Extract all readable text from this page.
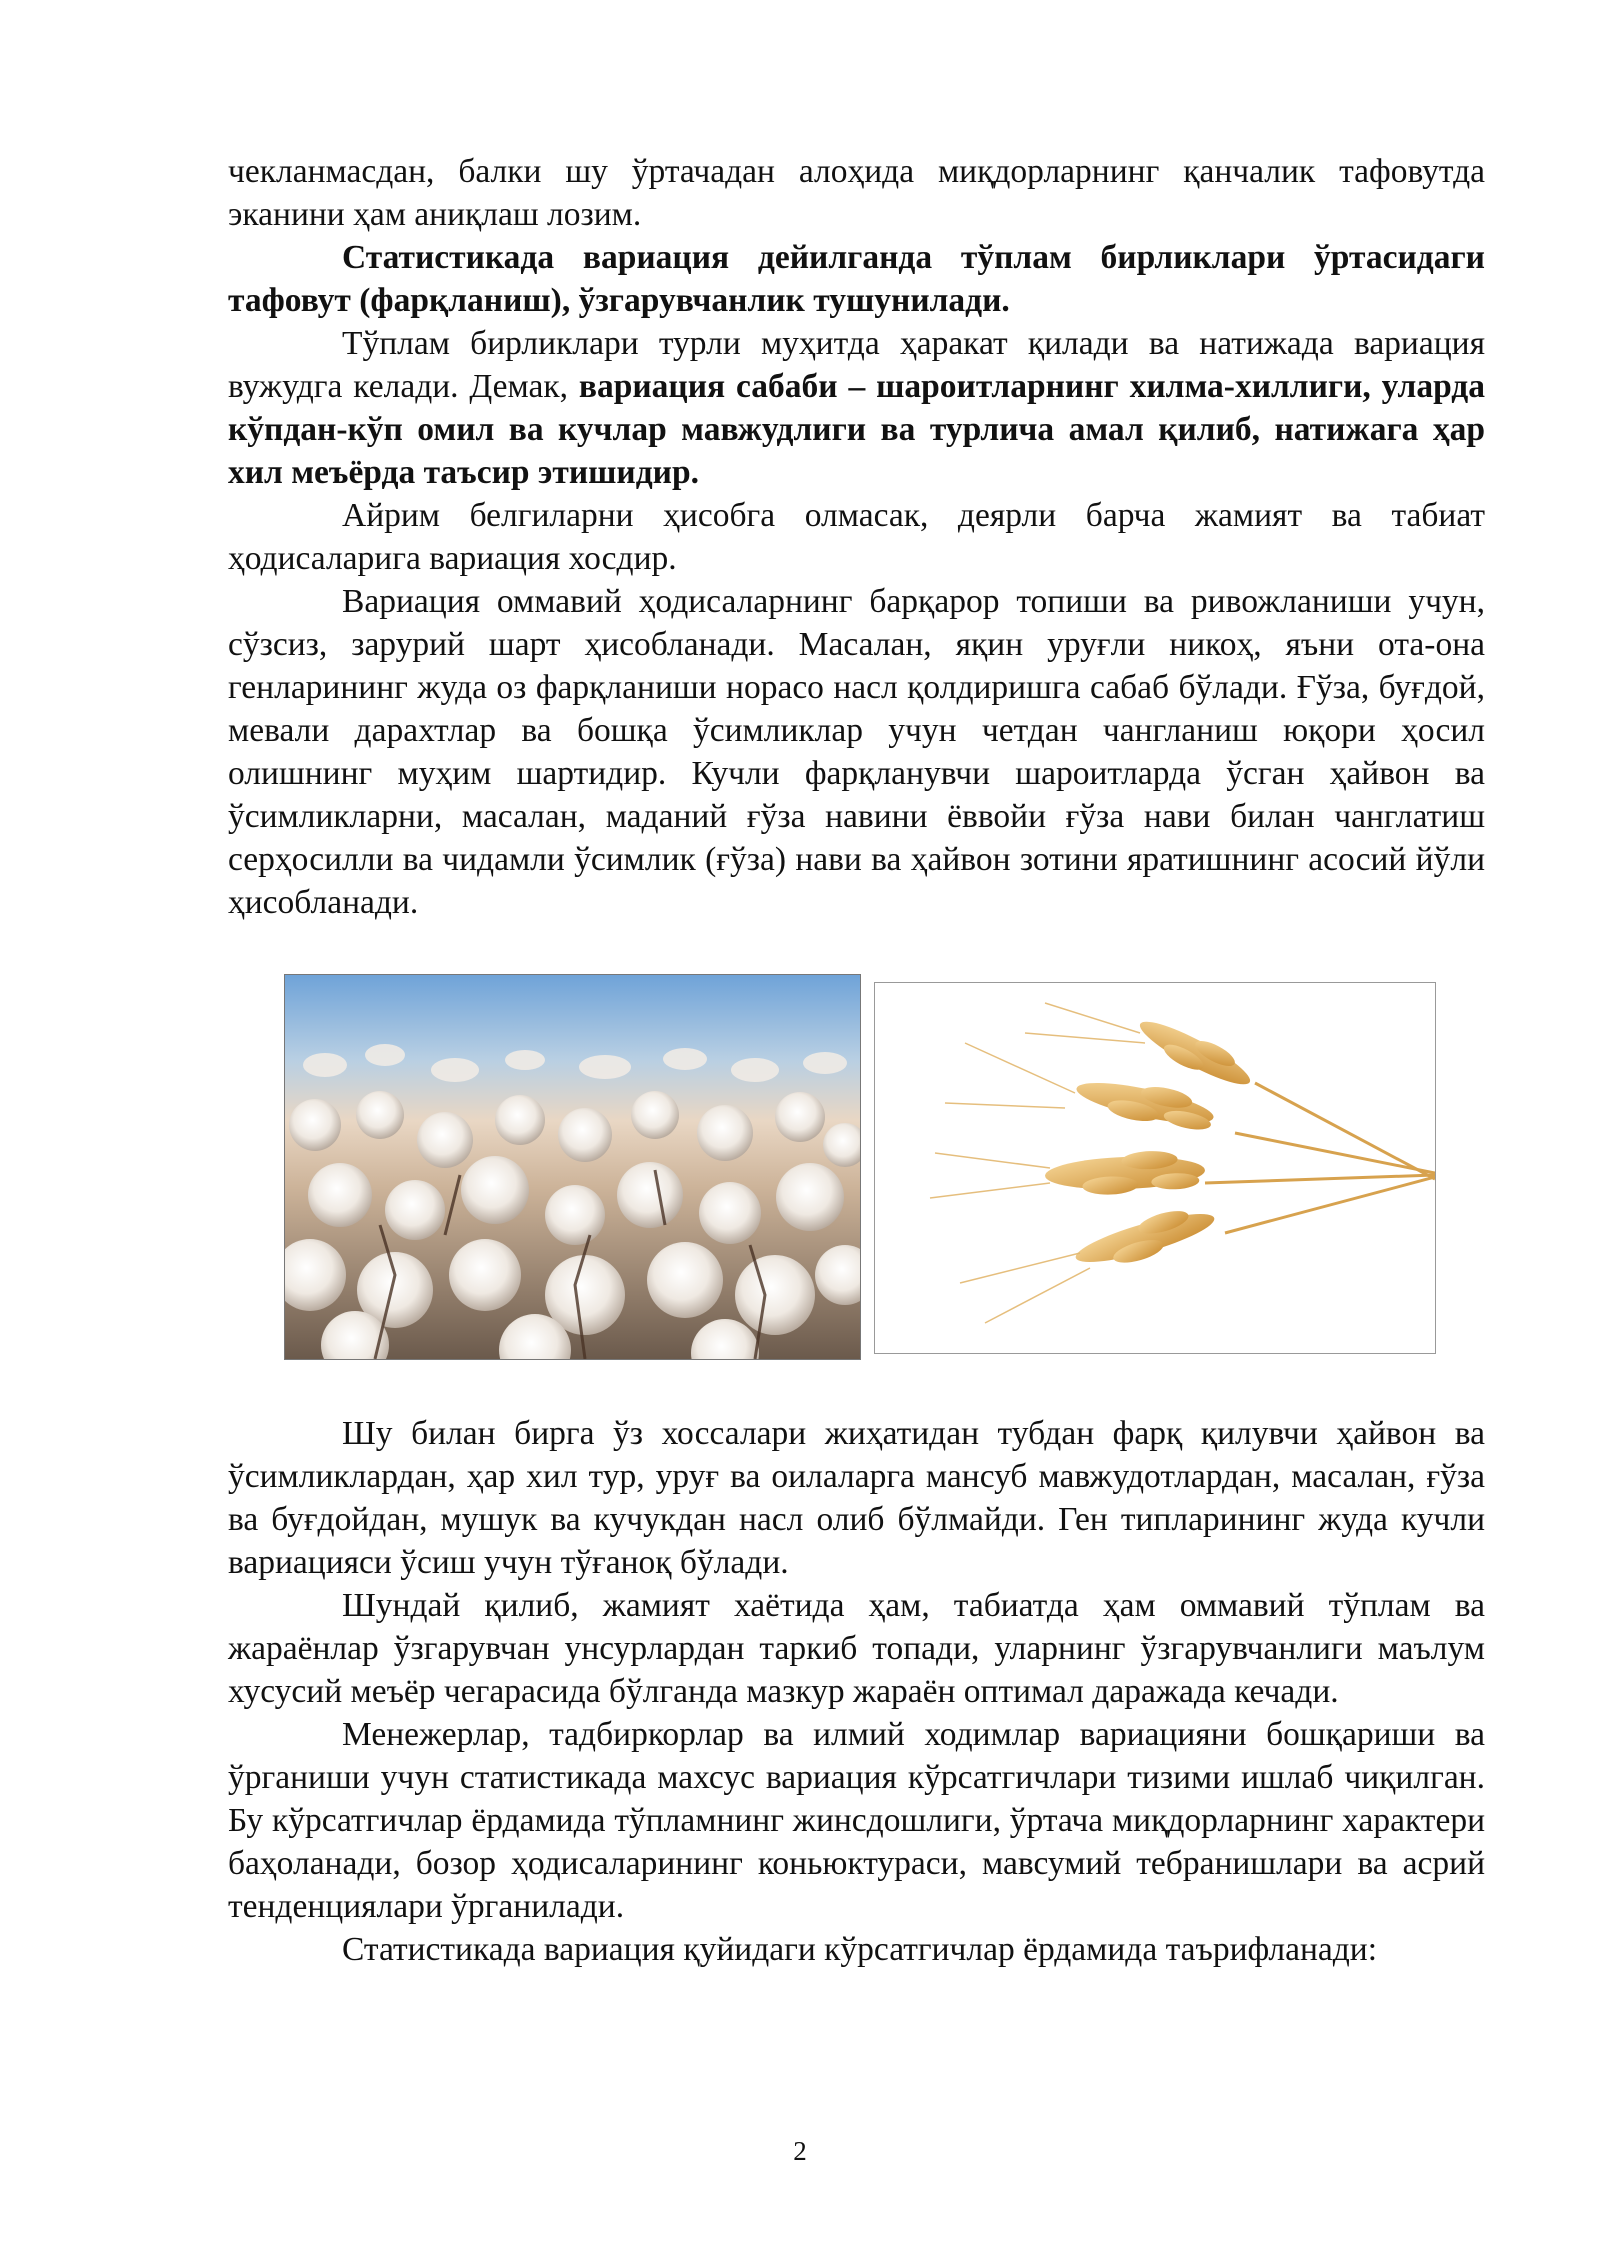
чекланмасдан, балки шу ўртачадан алоҳида миқдорларнинг қанчалик тафовутда эканини ҳам аниқлаш лозим.

Статистикада вариация дейилганда тўплам бирликлари ўртасидаги тафовут (фарқланиш), ўзгарувчанлик тушунилади.

Тўплам бирликлари турли муҳитда ҳаракат қилади ва натижада вариация вужудга келади. Демак, вариация сабаби – шароитларнинг хилма-хиллиги, уларда кўпдан-кўп омил ва кучлар мавжудлиги ва турлича амал қилиб, натижага ҳар хил меъёрда таъсир этишидир.

Айрим белгиларни ҳисобга олмасак, деярли барча жамият ва табиат ҳодисаларига вариация хосдир.

Вариация оммавий ҳодисаларнинг барқарор топиши ва ривожланиши учун, сўзсиз, зарурий шарт ҳисобланади. Масалан, яқин уруғли никоҳ, яъни ота-она генларининг жуда оз фарқланиши норасо насл қолдиришга сабаб бўлади. Ғўза, буғдой, мевали дарахтлар ва бошқа ўсимликлар учун четдан чангланиш юқори ҳосил олишнинг муҳим шартидир. Кучли фарқланувчи шароитларда ўсган ҳайвон ва ўсимликларни, масалан, маданий ғўза навини ёввойи ғўза нави билан чанглатиш серҳосилли ва чидамли ўсимлик (ғўза) нави ва ҳайвон зотини яратишнинг асосий йўли ҳисобланади.

Шу билан бирга ўз хоссалари жиҳатидан тубдан фарқ қилувчи ҳайвон ва ўсимликлардан, ҳар хил тур, уруғ ва оилаларга мансуб мавжудотлардан, масалан, ғўза ва буғдойдан, мушук ва кучукдан насл олиб бўлмайди. Ген типларининг жуда кучли вариацияси ўсиш учун тўғаноқ бўлади.

Шундай қилиб, жамият хаётида ҳам, табиатда ҳам оммавий тўплам ва жараёнлар ўзгарувчан унсурлардан таркиб топади, уларнинг ўзгарувчанлиги маълум хусусий меъёр чегарасида бўлганда мазкур жараён оптимал даражада кечади.

Менежерлар, тадбиркорлар ва илмий ходимлар вариацияни бошқариши ва ўрганиши учун статистикада махсус вариация кўрсатгичлари тизими ишлаб чиқилган. Бу кўрсатгичлар ёрдамида тўпламнинг жинсдошлиги, ўртача миқдорларнинг характери баҳоланади, бозор ҳодисаларининг коньюктураси, мавсумий тебранишлари ва асрий тенденциялари ўрганилади.

Статистикада вариация қуйидаги кўрсатгичлар ёрдамида таърифланади:

2
